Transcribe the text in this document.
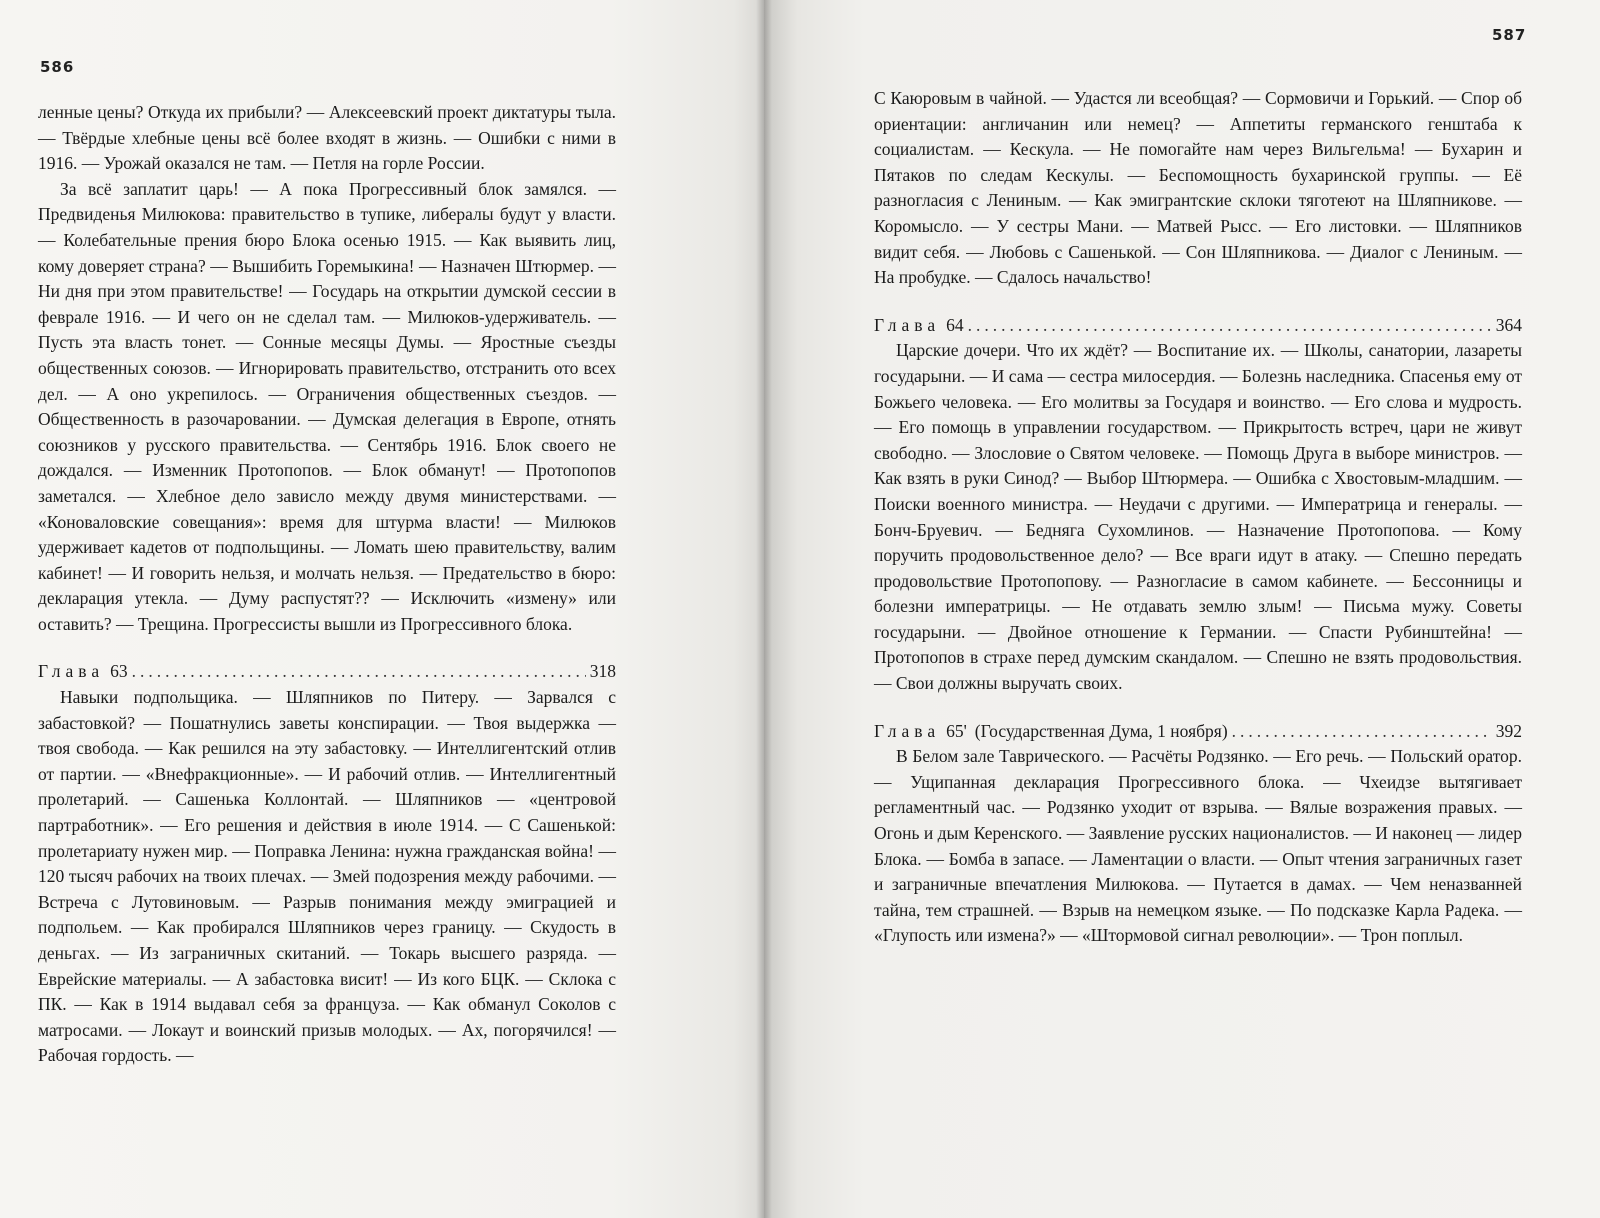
586

ленные цены? Откуда их прибыли? — Алексеевский проект диктатуры тыла. — Твёрдые хлебные цены всё более входят в жизнь. — Ошибки с ними в 1916. — Урожай оказался не там. — Петля на горле России.

За всё заплатит царь! — А пока Прогрессивный блок замялся. — Предвиденья Милюкова: правительство в тупике, либералы будут у власти. — Колебательные прения бюро Блока осенью 1915. — Как выявить лиц, кому доверяет страна? — Вышибить Горемыкина! — Назначен Штюрмер. — Ни дня при этом правительстве! — Государь на открытии думской сессии в феврале 1916. — И чего он не сделал там. — Милюков-удерживатель. — Пусть эта власть тонет. — Сонные месяцы Думы. — Яростные съезды общественных союзов. — Игнорировать правительство, отстранить ото всех дел. — А оно укрепилось. — Ограничения общественных съездов. — Общественность в разочаровании. — Думская делегация в Европе, отнять союзников у русского правительства. — Сентябрь 1916. Блок своего не дождался. — Изменник Протопопов. — Блок обманут! — Протопопов заметался. — Хлебное дело зависло между двумя министерствами. — «Коноваловские совещания»: время для штурма власти! — Милюков удерживает кадетов от подпольщины. — Ломать шею правительству, валим кабинет! — И говорить нельзя, и молчать нельзя. — Предательство в бюро: декларация утекла. — Думу распустят?? — Исключить «измену» или оставить? — Трещина. Прогрессисты вышли из Прогрессивного блока.

Глава 63 .....	318

Навыки подпольщика. — Шляпников по Питеру. — Зарвался с забастовкой? — Пошатнулись заветы конспирации. — Твоя выдержка — твоя свобода. — Как решился на эту забастовку. — Интеллигентский отлив от партии. — «Внефракционные». — И рабочий отлив. — Интеллигентный пролетарий. — Сашенька Коллонтай. — Шляпников — «центровой партработник». — Его решения и действия в июле 1914. — С Сашенькой: пролетариату нужен мир. — Поправка Ленина: нужна гражданская война! — 120 тысяч рабочих на твоих плечах. — Змей подозрения между рабочими. — Встреча с Лутовиновым. — Разрыв понимания между эмиграцией и подпольем. — Как пробирался Шляпников через границу. — Скудость в деньгах. — Из заграничных скитаний. — Токарь высшего разряда. — Еврейские материалы. — А забастовка висит! — Из кого БЦК. — Склока с ПК. — Как в 1914 выдавал себя за француза. — Как обманул Соколов с матросами. — Локаут и воинский призыв молодых. — Ах, погорячился! — Рабочая гордость. —

587

С Каюровым в чайной. — Удастся ли всеобщая? — Сормовичи и Горький. — Спор об ориентации: англичанин или немец? — Аппетиты германского генштаба к социалистам. — Кескула. — Не помогайте нам через Вильгельма! — Бухарин и Пятаков по следам Кескулы. — Беспомощность бухаринской группы. — Её разногласия с Лениным. — Как эмигрантские склоки тяготеют на Шляпникове. — Коромысло. — У сестры Мани. — Матвей Рысс. — Его листовки. — Шляпников видит себя. — Любовь с Сашенькой. — Сон Шляпникова. — Диалог с Лениным. — На пробудке. — Сдалось начальство!

Глава 64 .....	364

Царские дочери. Что их ждёт? — Воспитание их. — Школы, санатории, лазареты государыни. — И сама — сестра милосердия. — Болезнь наследника. Спасенья ему от Божьего человека. — Его молитвы за Государя и воинство. — Его слова и мудрость. — Его помощь в управлении государством. — Прикрытость встреч, цари не живут свободно. — Злословие о Святом человеке. — Помощь Друга в выборе министров. — Как взять в руки Синод? — Выбор Штюрмера. — Ошибка с Хвостовым-младшим. — Поиски военного министра. — Неудачи с другими. — Императрица и генералы. — Бонч-Бруевич. — Бедняга Сухомлинов. — Назначение Протопопова. — Кому поручить продовольственное дело? — Все враги идут в атаку. — Спешно передать продовольствие Протопопову. — Разногласие в самом кабинете. — Бессонницы и болезни императрицы. — Не отдавать землю злым! — Письма мужу. Советы государыни. — Двойное отношение к Германии. — Спасти Рубинштейна! — Протопопов в страхе перед думским скандалом. — Спешно не взять продовольствия. — Свои должны выручать своих.

Глава 65' (Государственная Дума, 1 ноября) .....	392

В Белом зале Таврического. — Расчёты Родзянко. — Его речь. — Польский оратор. — Ущипанная декларация Прогрессивного блока. — Чхеидзе вытягивает регламентный час. — Родзянко уходит от взрыва. — Вялые возражения правых. — Огонь и дым Керенского. — Заявление русских националистов. — И наконец — лидер Блока. — Бомба в запасе. — Ламентации о власти. — Опыт чтения заграничных газет и заграничные впечатления Милюкова. — Путается в дамах. — Чем неназванней тайна, тем страшней. — Взрыв на немецком языке. — По подсказке Карла Радека. — «Глупость или измена?» — «Штормовой сигнал революции». — Трон поплыл.
